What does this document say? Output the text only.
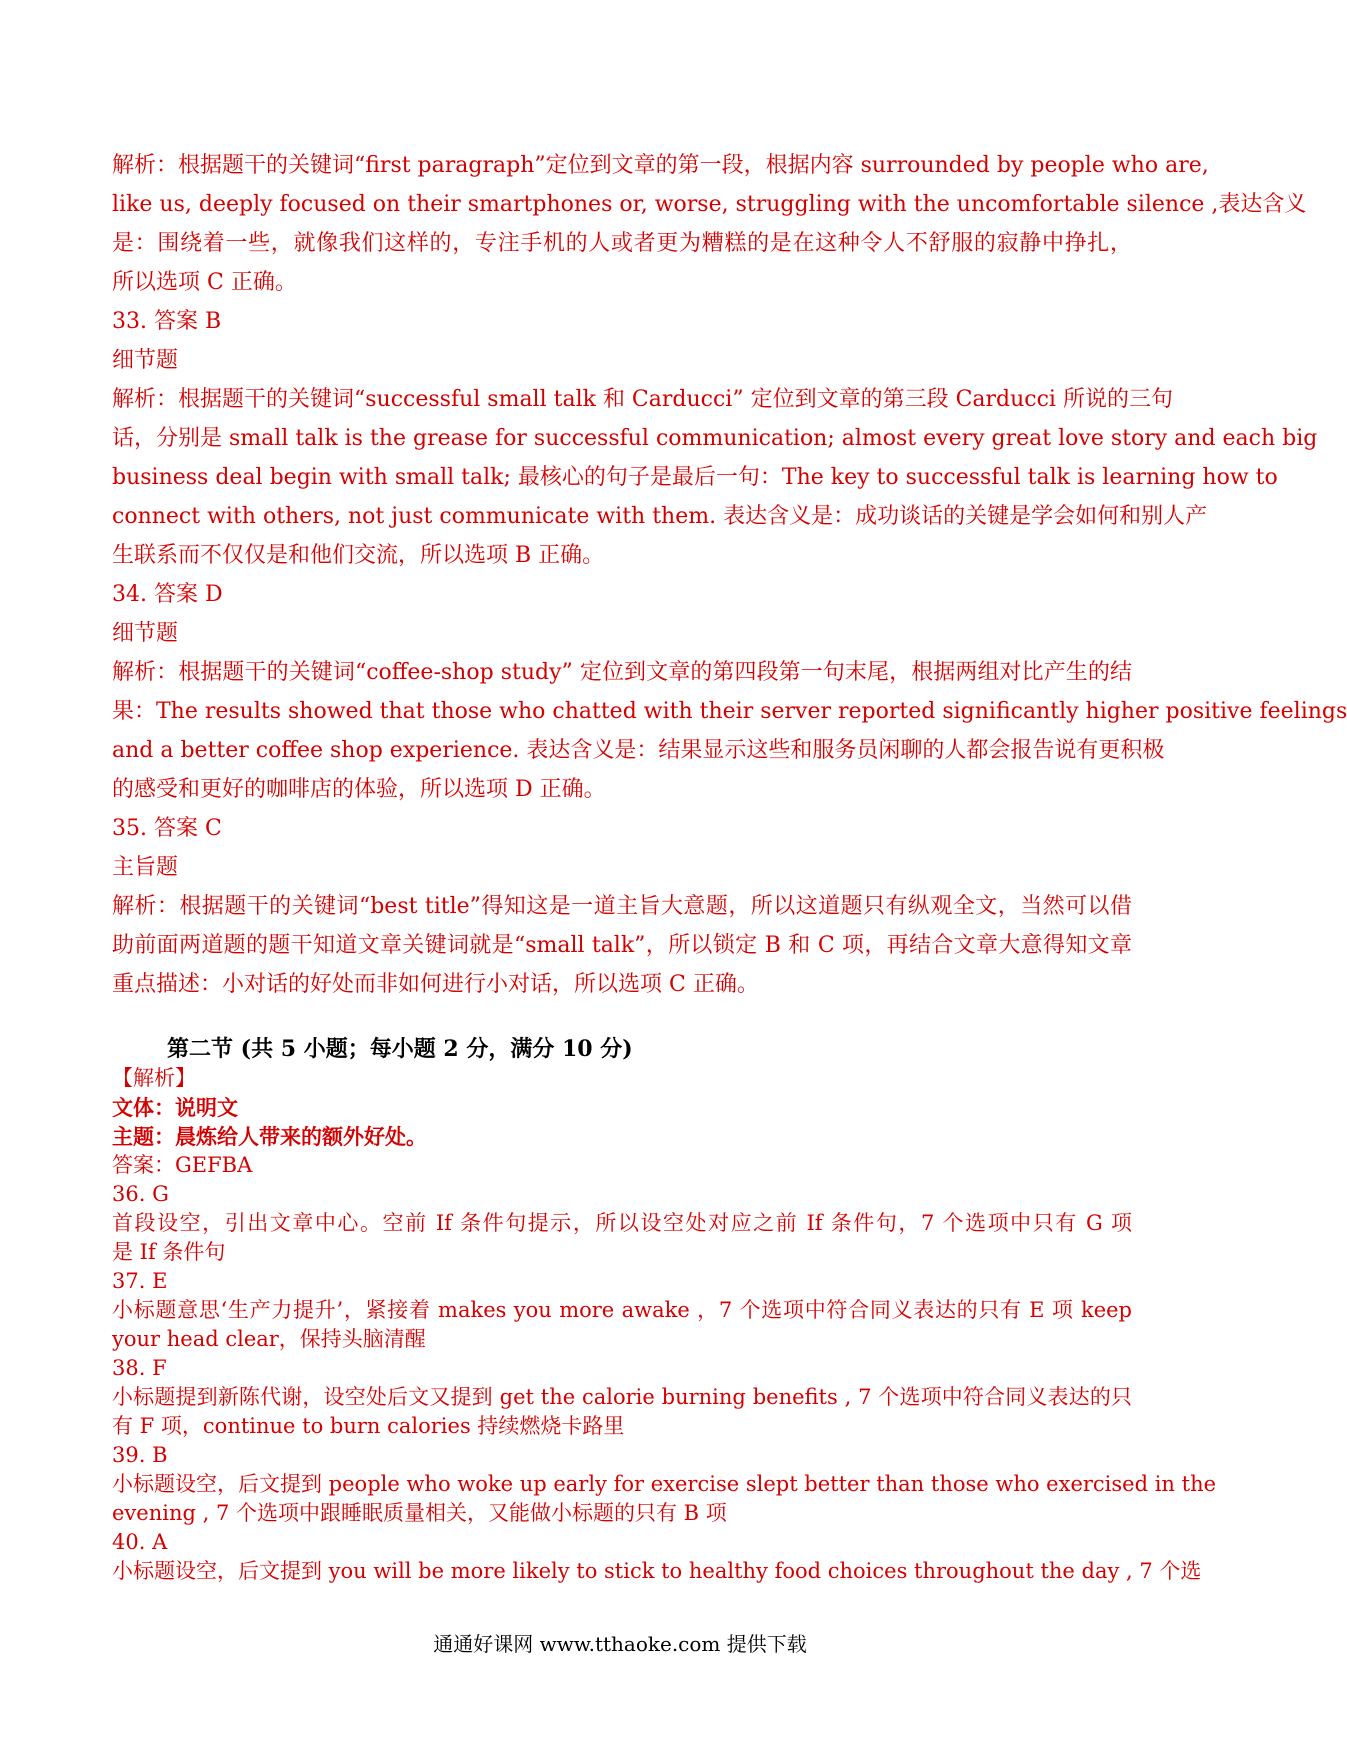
解析：根据题干的关键词“first paragraph”定位到文章的第一段，根据内容 surrounded by people who are,
like us, deeply focused on their smartphones or, worse, struggling with the uncomfortable silence ,表达含义
是：围绕着一些，就像我们这样的，专注手机的人或者更为糟糕的是在这种令人不舒服的寂静中挣扎，
所以选项 C 正确。
33. 答案 B
细节题
解析：根据题干的关键词“successful small talk 和 Carducci” 定位到文章的第三段 Carducci 所说的三句
话，分别是 small talk is the grease for successful communication; almost every great love story and each big
business deal begin with small talk; 最核心的句子是最后一句：The key to successful talk is learning how to
connect with others, not just communicate with them. 表达含义是：成功谈话的关键是学会如何和别人产
生联系而不仅仅是和他们交流，所以选项 B 正确。
34. 答案 D
细节题
解析：根据题干的关键词“coffee-shop study” 定位到文章的第四段第一句末尾，根据两组对比产生的结
果：The results showed that those who chatted with their server reported significantly higher positive feelings
and a better coffee shop experience. 表达含义是：结果显示这些和服务员闲聊的人都会报告说有更积极
的感受和更好的咖啡店的体验，所以选项 D 正确。
35. 答案 C
主旨题
解析：根据题干的关键词“best title”得知这是一道主旨大意题，所以这道题只有纵观全文，当然可以借
助前面两道题的题干知道文章关键词就是“small talk”，所以锁定 B 和 C 项，再结合文章大意得知文章
重点描述：小对话的好处而非如何进行小对话，所以选项 C 正确。
第二节 (共 5 小题；每小题 2 分，满分 10 分)
【解析】
文体：说明文
主题：晨炼给人带来的额外好处。
答案：GEFBA
36. G
首段设空，引出文章中心。空前 If 条件句提示，所以设空处对应之前 If 条件句，7 个选项中只有 G 项
是 If 条件句
37. E
小标题意思‘生产力提升’，紧接着 makes you more awake ，7 个选项中符合同义表达的只有 E 项 keep
your head clear，保持头脑清醒
38. F
小标题提到新陈代谢，设空处后文又提到 get the calorie burning benefits , 7 个选项中符合同义表达的只
有 F 项，continue to burn calories 持续燃烧卡路里
39. B
小标题设空，后文提到 people who woke up early for exercise slept better than those who exercised in the
evening , 7 个选项中跟睡眠质量相关，又能做小标题的只有 B 项
40. A
小标题设空，后文提到 you will be more likely to stick to healthy food choices throughout the day , 7 个选
通通好课网 www.tthaoke.com 提供下载
